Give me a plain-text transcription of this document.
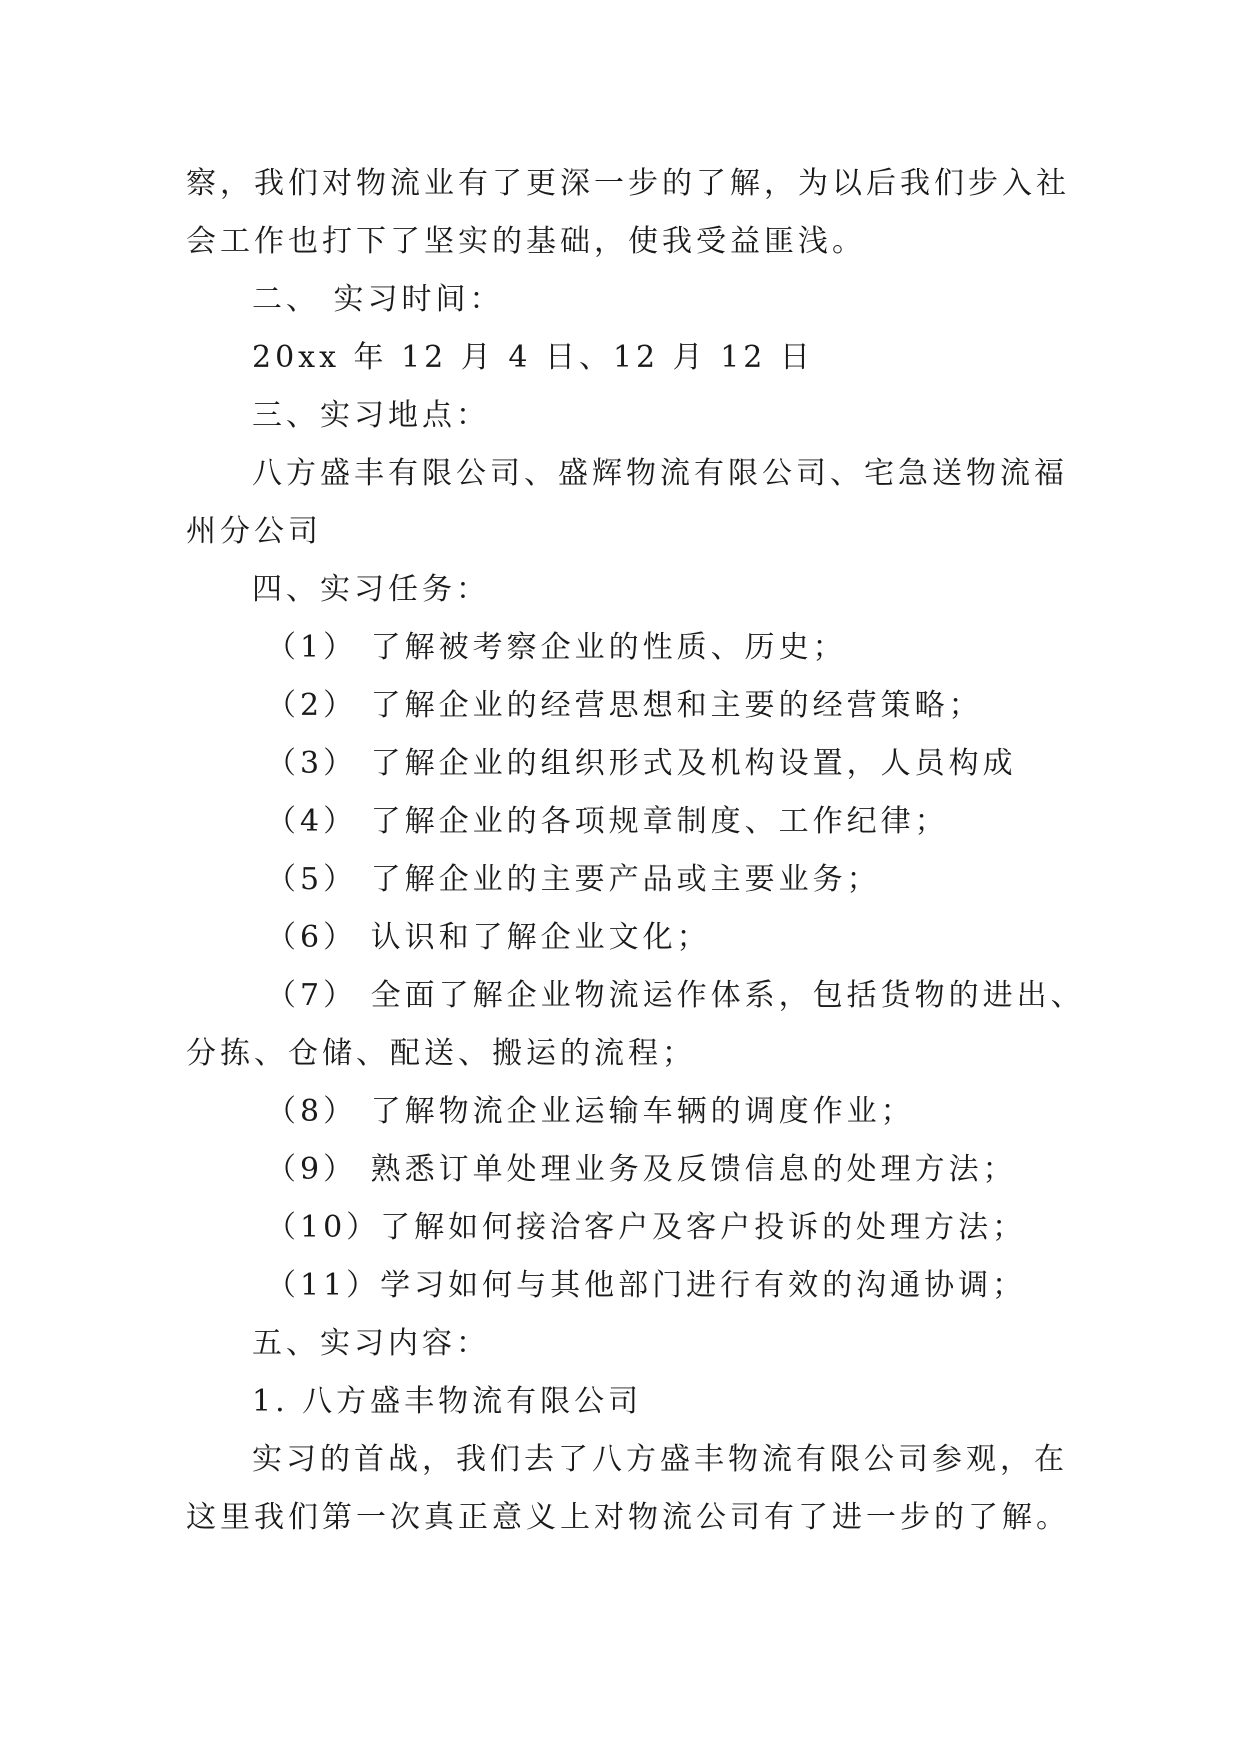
察，我们对物流业有了更深一步的了解，为以后我们步入社
会工作也打下了坚实的基础，使我受益匪浅。
二、 实习时间：
20xx 年 12 月 4 日、12 月 12 日
三、实习地点：
八方盛丰有限公司、盛辉物流有限公司、宅急送物流福
州分公司
四、实习任务：
（1） 了解被考察企业的性质、历史；
（2） 了解企业的经营思想和主要的经营策略；
（3） 了解企业的组织形式及机构设置，人员构成
（4） 了解企业的各项规章制度、工作纪律；
（5） 了解企业的主要产品或主要业务；
（6） 认识和了解企业文化；
（7） 全面了解企业物流运作体系，包括货物的进出、
分拣、仓储、配送、搬运的流程；
（8） 了解物流企业运输车辆的调度作业；
（9） 熟悉订单处理业务及反馈信息的处理方法；
（10）了解如何接洽客户及客户投诉的处理方法；
（11）学习如何与其他部门进行有效的沟通协调；
五、实习内容：
1. 八方盛丰物流有限公司
实习的首战，我们去了八方盛丰物流有限公司参观，在
这里我们第一次真正意义上对物流公司有了进一步的了解。
